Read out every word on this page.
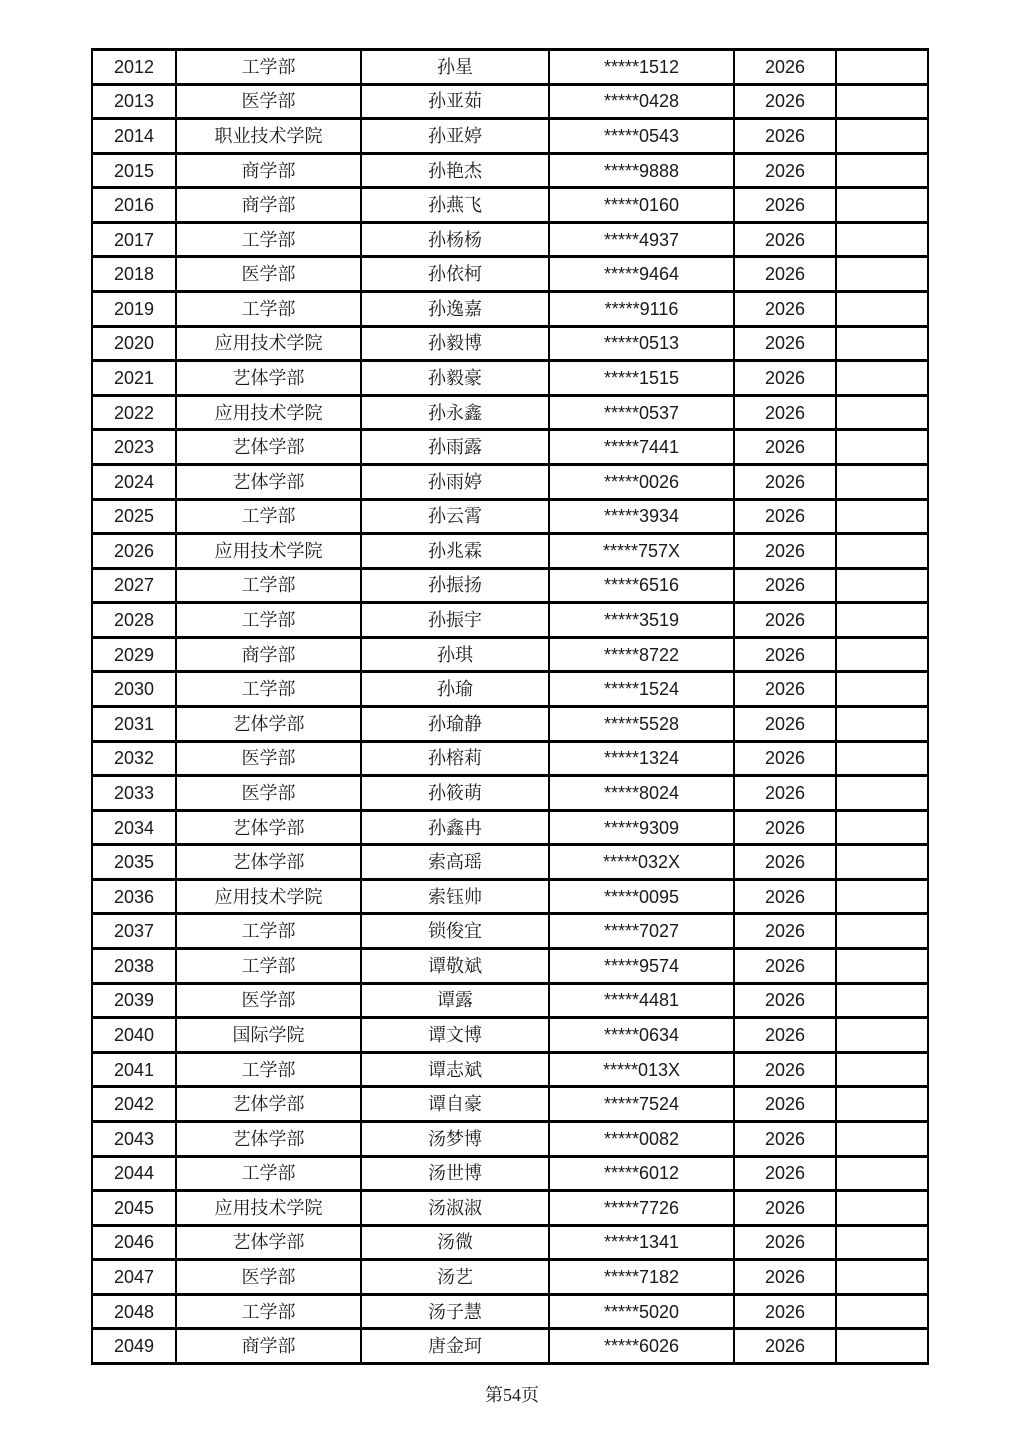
2012	工学部	孙星	*****1512	2026	
2013	医学部	孙亚茹	*****0428	2026	
2014	职业技术学院	孙亚婷	*****0543	2026	
2015	商学部	孙艳杰	*****9888	2026	
2016	商学部	孙燕飞	*****0160	2026	
2017	工学部	孙杨杨	*****4937	2026	
2018	医学部	孙依柯	*****9464	2026	
2019	工学部	孙逸嘉	*****9116	2026	
2020	应用技术学院	孙毅博	*****0513	2026	
2021	艺体学部	孙毅豪	*****1515	2026	
2022	应用技术学院	孙永鑫	*****0537	2026	
2023	艺体学部	孙雨露	*****7441	2026	
2024	艺体学部	孙雨婷	*****0026	2026	
2025	工学部	孙云霄	*****3934	2026	
2026	应用技术学院	孙兆霖	*****757X	2026	
2027	工学部	孙振扬	*****6516	2026	
2028	工学部	孙振宇	*****3519	2026	
2029	商学部	孙琪	*****8722	2026	
2030	工学部	孙瑜	*****1524	2026	
2031	艺体学部	孙瑜静	*****5528	2026	
2032	医学部	孙榕莉	*****1324	2026	
2033	医学部	孙筱萌	*****8024	2026	
2034	艺体学部	孙鑫冉	*****9309	2026	
2035	艺体学部	索高瑶	*****032X	2026	
2036	应用技术学院	索钰帅	*****0095	2026	
2037	工学部	锁俊宜	*****7027	2026	
2038	工学部	谭敬斌	*****9574	2026	
2039	医学部	谭露	*****4481	2026	
2040	国际学院	谭文博	*****0634	2026	
2041	工学部	谭志斌	*****013X	2026	
2042	艺体学部	谭自豪	*****7524	2026	
2043	艺体学部	汤梦博	*****0082	2026	
2044	工学部	汤世博	*****6012	2026	
2045	应用技术学院	汤淑淑	*****7726	2026	
2046	艺体学部	汤微	*****1341	2026	
2047	医学部	汤艺	*****7182	2026	
2048	工学部	汤子慧	*****5020	2026	
2049	商学部	唐金珂	*****6026	2026	
第54页
